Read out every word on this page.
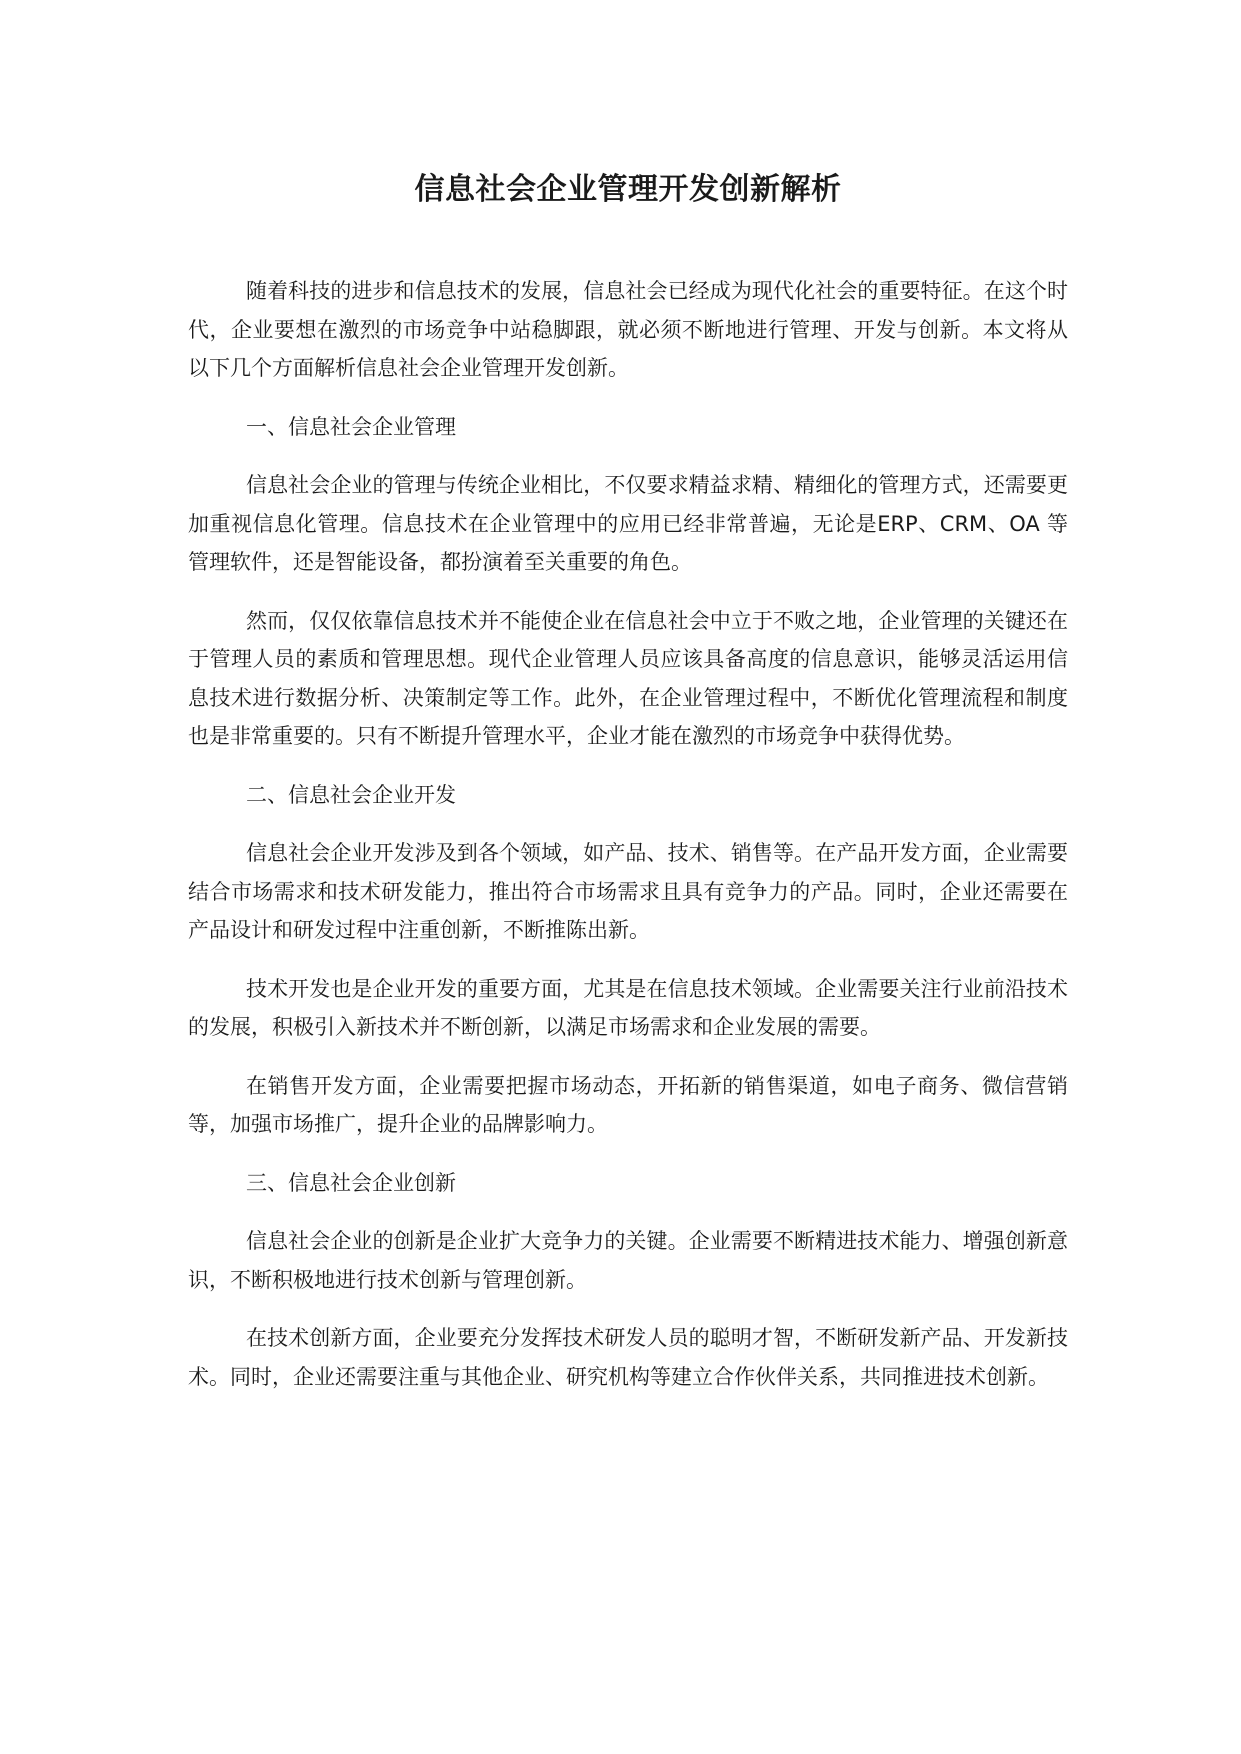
信息社会企业管理开发创新解析

随着科技的进步和信息技术的发展，信息社会已经成为现代化社会的重要特征。在这个时代，企业要想在激烈的市场竞争中站稳脚跟，就必须不断地进行管理、开发与创新。本文将从以下几个方面解析信息社会企业管理开发创新。

一、信息社会企业管理

信息社会企业的管理与传统企业相比，不仅要求精益求精、精细化的管理方式，还需要更加重视信息化管理。信息技术在企业管理中的应用已经非常普遍，无论是ERP、CRM、OA 等管理软件，还是智能设备，都扮演着至关重要的角色。

然而，仅仅依靠信息技术并不能使企业在信息社会中立于不败之地，企业管理的关键还在于管理人员的素质和管理思想。现代企业管理人员应该具备高度的信息意识，能够灵活运用信息技术进行数据分析、决策制定等工作。此外，在企业管理过程中，不断优化管理流程和制度也是非常重要的。只有不断提升管理水平，企业才能在激烈的市场竞争中获得优势。

二、信息社会企业开发

信息社会企业开发涉及到各个领域，如产品、技术、销售等。在产品开发方面，企业需要结合市场需求和技术研发能力，推出符合市场需求且具有竞争力的产品。同时，企业还需要在产品设计和研发过程中注重创新，不断推陈出新。

技术开发也是企业开发的重要方面，尤其是在信息技术领域。企业需要关注行业前沿技术的发展，积极引入新技术并不断创新，以满足市场需求和企业发展的需要。

在销售开发方面，企业需要把握市场动态，开拓新的销售渠道，如电子商务、微信营销等，加强市场推广，提升企业的品牌影响力。

三、信息社会企业创新

信息社会企业的创新是企业扩大竞争力的关键。企业需要不断精进技术能力、增强创新意识，不断积极地进行技术创新与管理创新。

在技术创新方面，企业要充分发挥技术研发人员的聪明才智，不断研发新产品、开发新技术。同时，企业还需要注重与其他企业、研究机构等建立合作伙伴关系，共同推进技术创新。
